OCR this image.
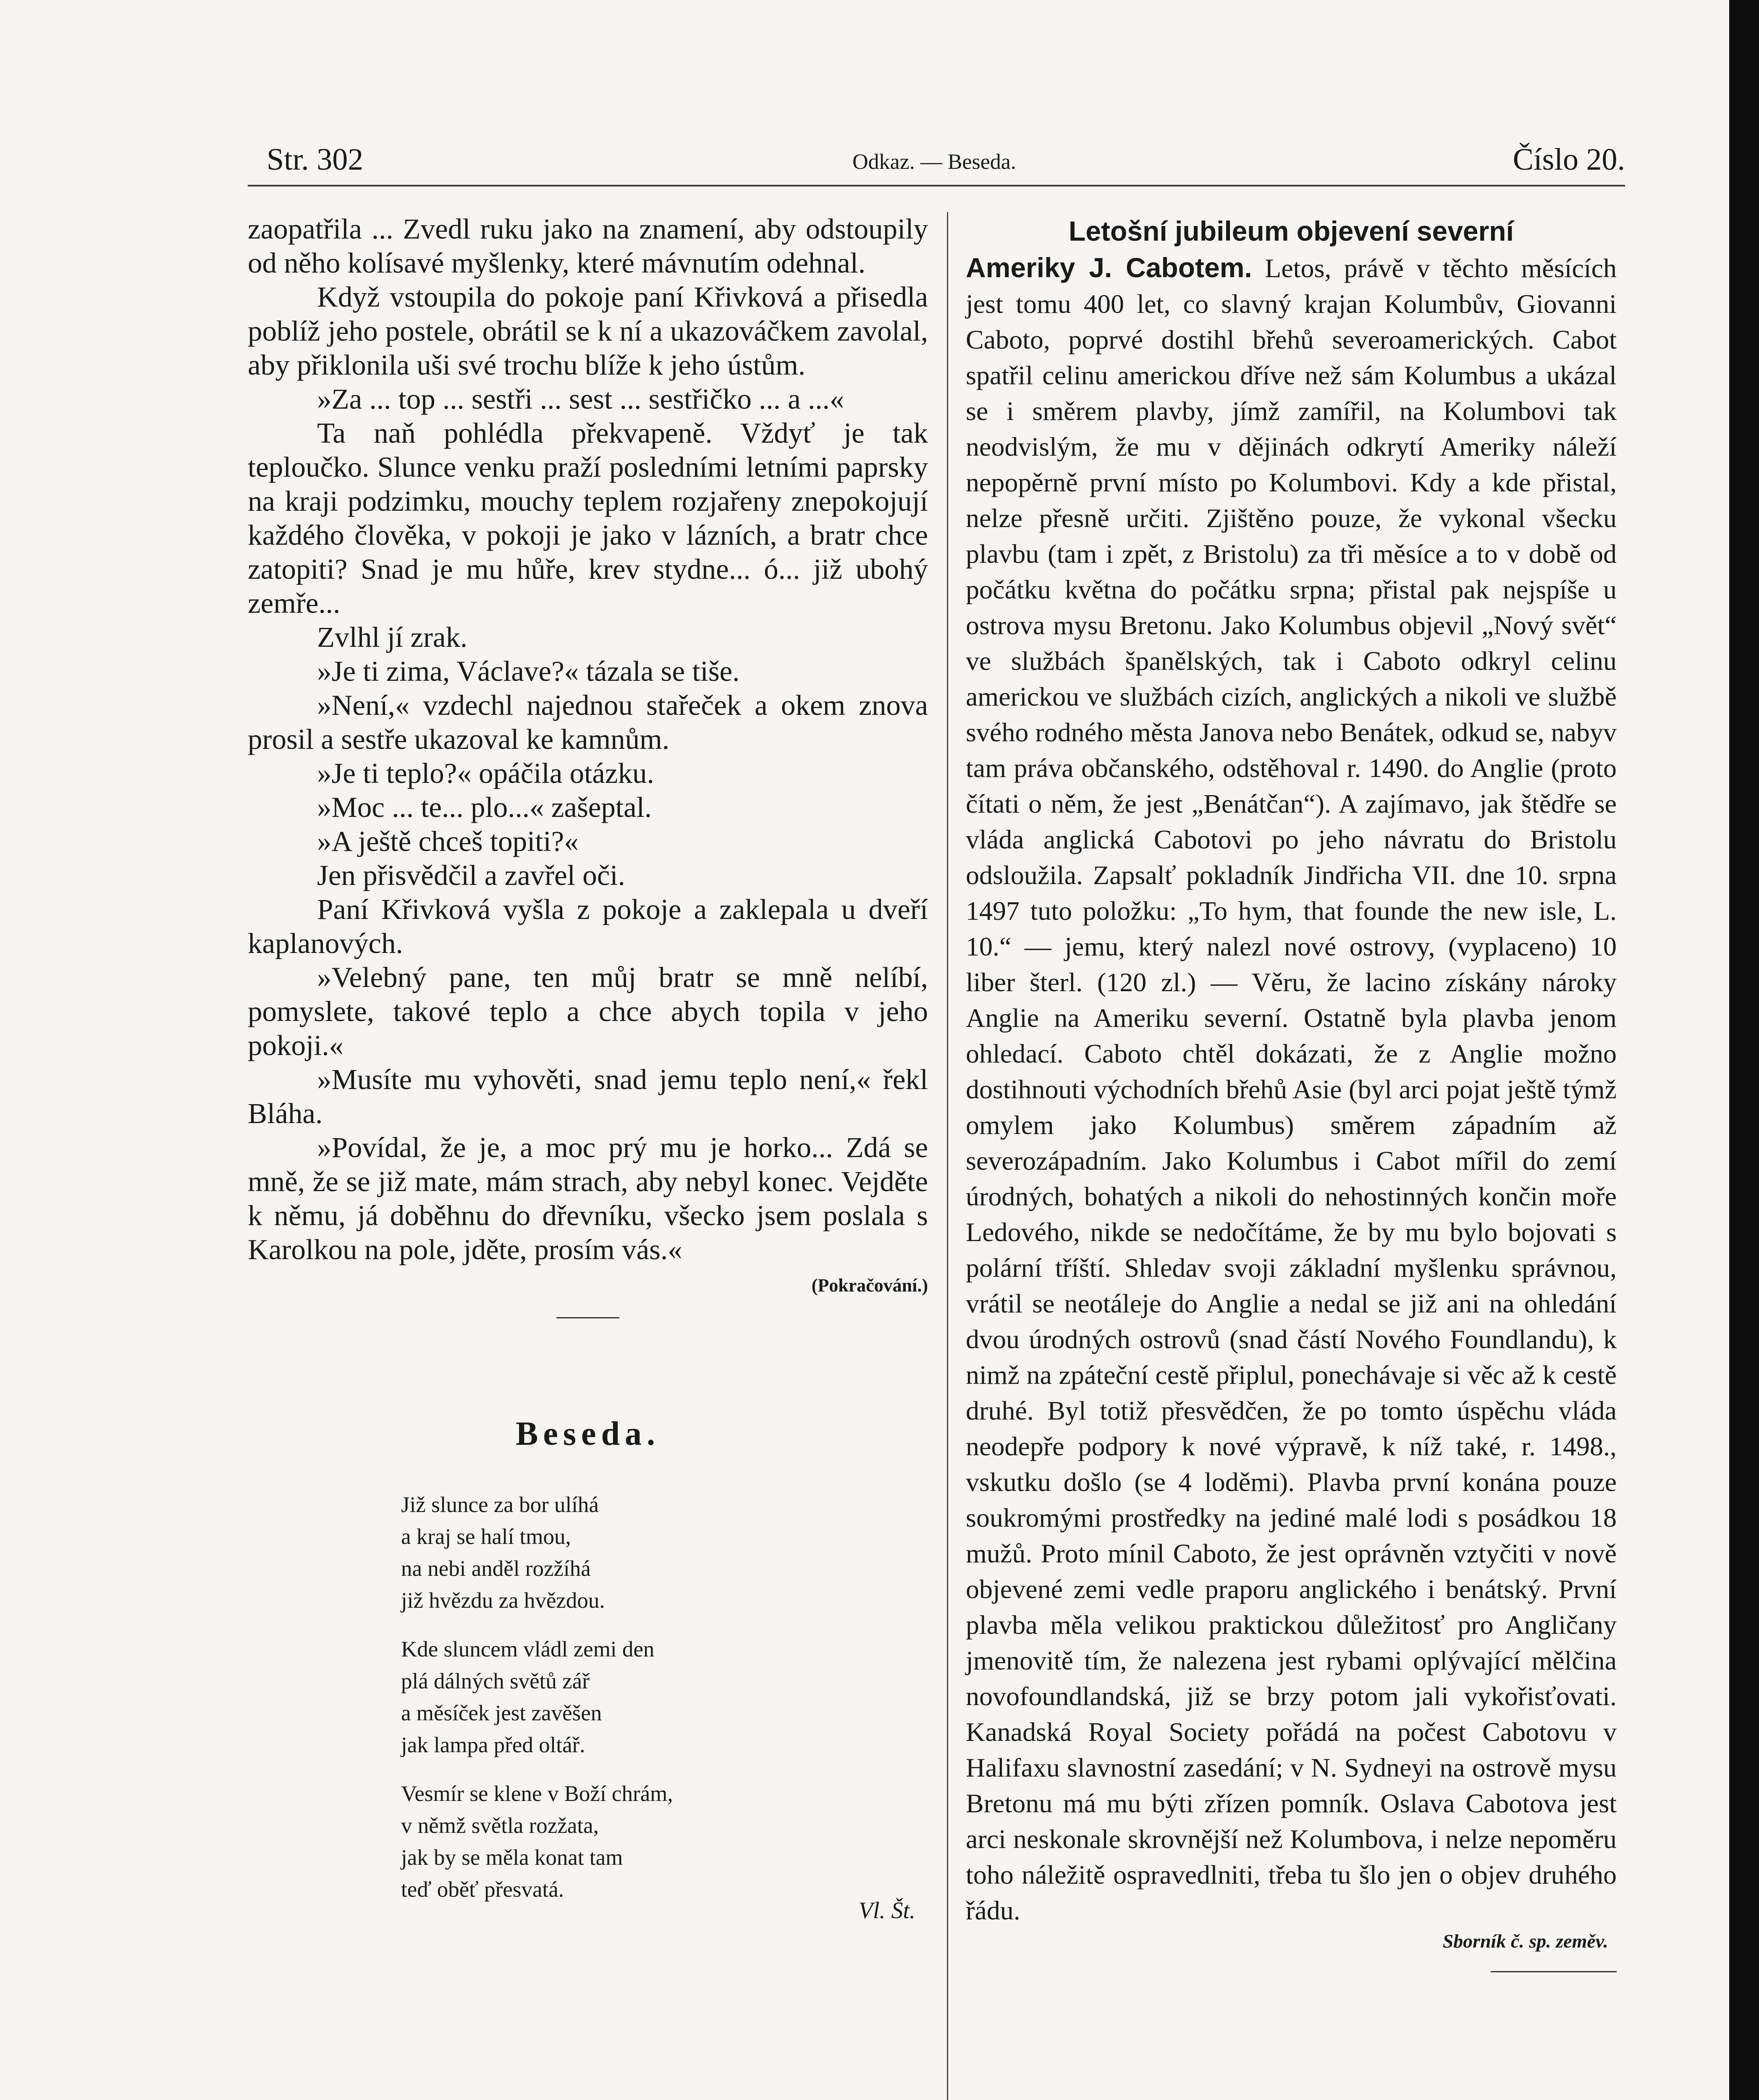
Str. 302	Odkaz. — Beseda.	Číslo 20.

zaopatřila ... Zvedl ruku jako na znamení, aby odstoupily od něho kolísavé myšlenky, které mávnutím odehnal.

Když vstoupila do pokoje paní Křivková a přisedla poblíž jeho postele, obrátil se k ní a ukazováčkem zavolal, aby přiklonila uši své trochu blíže k jeho ústům.

»Za ... top ... sestři ... sest ... sestřičko ... a ...«

Ta naň pohlédla překvapeně. Vždyť je tak teploučko. Slunce venku praží posledními letními paprsky na kraji podzimku, mouchy teplem rozjařeny znepokojují každého člověka, v pokoji je jako v lázních, a bratr chce zatopiti? Snad je mu hůře, krev stydne... ó... již ubohý zemře...

Zvlhl jí zrak.

»Je ti zima, Václave?« tázala se tiše.

»Není,« vzdechl najednou stařeček a okem znova prosil a sestře ukazoval ke kamnům.

»Je ti teplo?« opáčila otázku.

»Moc ... te... plo...« zašeptal.

»A ještě chceš topiti?«

Jen přisvědčil a zavřel oči.

Paní Křivková vyšla z pokoje a zaklepala u dveří kaplanových.

»Velebný pane, ten můj bratr se mně nelíbí, pomyslete, takové teplo a chce abych topila v jeho pokoji.«

»Musíte mu vyhověti, snad jemu teplo není,« řekl Bláha.

»Povídal, že je, a moc prý mu je horko... Zdá se mně, že se již mate, mám strach, aby nebyl konec. Vejděte k němu, já doběhnu do dřevníku, všecko jsem poslala s Karolkou na pole, jděte, prosím vás.«

(Pokračování.)
Beseda.
Již slunce za bor ulíhá
a kraj se halí tmou,
na nebi anděl rozžíhá
již hvězdu za hvězdou.
Kde sluncem vládl zemi den
plá dálných světů zář
a měsíček jest zavěšen
jak lampa před oltář.
Vesmír se klene v Boží chrám,
v němž světla rozžata,
jak by se měla konat tam
teď oběť přesvatá.
Vl. Št.
Letošní jubileum objevení severní

Ameriky J. Cabotem. Letos, právě v těchto měsících jest tomu 400 let, co slavný krajan Kolumbův, Giovanni Caboto, poprvé dostihl břehů severoamerických. Cabot spatřil celinu americkou dříve než sám Kolumbus a ukázal se i směrem plavby, jímž zamířil, na Kolumbovi tak neodvislým, že mu v dějinách odkrytí Ameriky náleží nepopěrně první místo po Kolumbovi. Kdy a kde přistal, nelze přesně určiti. Zjištěno pouze, že vykonal všecku plavbu (tam i zpět, z Bristolu) za tři měsíce a to v době od počátku května do počátku srpna; přistal pak nejspíše u ostrova mysu Bretonu. Jako Kolumbus objevil „Nový svět“ ve službách španělských, tak i Caboto odkryl celinu americkou ve službách cizích, anglických a nikoli ve službě svého rodného města Janova nebo Benátek, odkud se, nabyv tam práva občanského, odstěhoval r. 1490. do Anglie (proto čítati o něm, že jest „Benátčan“). A zajímavo, jak štědře se vláda anglická Cabotovi po jeho návratu do Bristolu odsloužila. Zapsalť pokladník Jindřicha VII. dne 10. srpna 1497 tuto položku: „To hym, that founde the new isle, L. 10.“ — jemu, který nalezl nové ostrovy, (vyplaceno) 10 liber šterl. (120 zl.) — Věru, že lacino získány nároky Anglie na Ameriku severní. Ostatně byla plavba jenom ohledací. Caboto chtěl dokázati, že z Anglie možno dostihnouti východních břehů Asie (byl arci pojat ještě týmž omylem jako Kolumbus) směrem západním až severozápadním. Jako Kolumbus i Cabot mířil do zemí úrodných, bohatých a nikoli do nehostinných končin moře Ledového, nikde se nedočítáme, že by mu bylo bojovati s polární tříští. Shledav svoji základní myšlenku správnou, vrátil se neotáleje do Anglie a nedal se již ani na ohledání dvou úrodných ostrovů (snad částí Nového Foundlandu), k nimž na zpáteční cestě připlul, ponechávaje si věc až k cestě druhé. Byl totiž přesvědčen, že po tomto úspěchu vláda neodepře podpory k nové výpravě, k níž také, r. 1498., vskutku došlo (se 4 loděmi). Plavba první konána pouze soukromými prostředky na jediné malé lodi s posádkou 18 mužů. Proto mínil Caboto, že jest oprávněn vztyčiti v nově objevené zemi vedle praporu anglického i benátský. První plavba měla velikou praktickou důležitosť pro Angličany jmenovitě tím, že nalezena jest rybami oplývající mělčina novofoundlandská, již se brzy potom jali vykořisťovati. Kanadská Royal Society pořádá na počest Cabotovu v Halifaxu slavnostní zasedání; v N. Sydneyi na ostrově mysu Bretonu má mu býti zřízen pomník. Oslava Cabotova jest arci neskonale skrovnější než Kolumbova, i nelze nepoměru toho náležitě ospravedlniti, třeba tu šlo jen o objev druhého řádu.

Sborník č. sp. zeměv.
